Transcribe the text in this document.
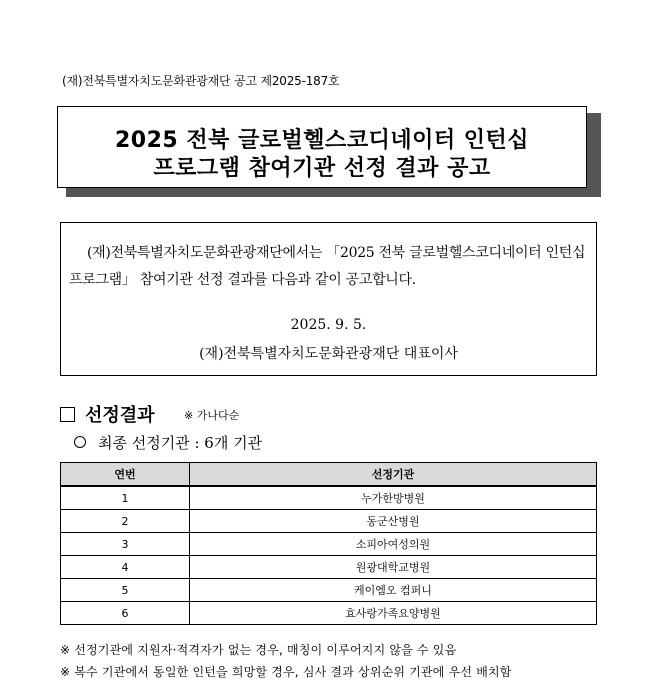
(재)전북특별자치도문화관광재단 공고 제2025-187호
2025 전북 글로벌헬스코디네이터 인턴십
프로그램 참여기관 선정 결과 공고
(재)전북특별자치도문화관광재단에서는 「2025 전북 글로벌헬스코디네이터 인턴십 프로그램」 참여기관 선정 결과를 다음과 같이 공고합니다.
2025. 9. 5.
(재)전북특별자치도문화관광재단 대표이사
선정결과	※ 가나다순
최종 선정기관 : 6개 기관
연번	선정기관
1	누가한방병원
2	동군산병원
3	소피아여성의원
4	원광대학교병원
5	케이엠오 컴퍼니
6	효사랑가족요양병원
※ 선정기관에 지원자·적격자가 없는 경우, 매칭이 이루어지지 않을 수 있음
※ 복수 기관에서 동일한 인턴을 희망할 경우, 심사 결과 상위순위 기관에 우선 배치함
